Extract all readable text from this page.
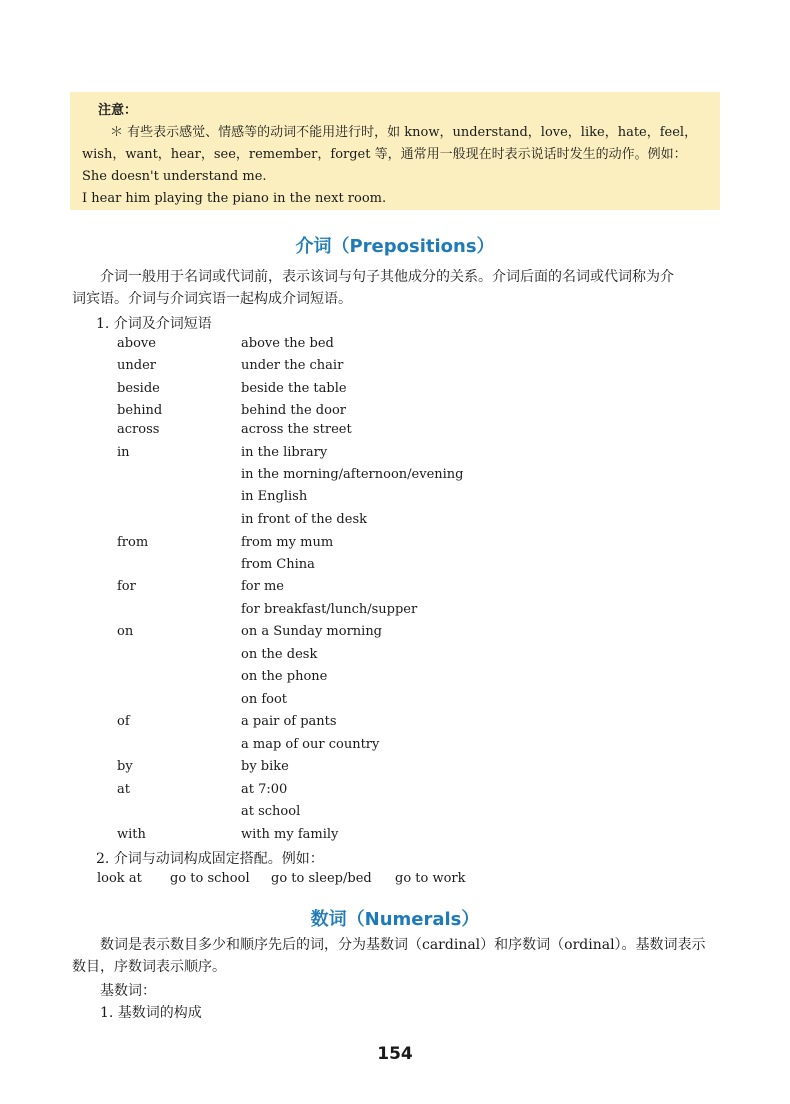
注意：
＊ 有些表示感觉、情感等的动词不能用进行时，如 know，understand，love，like，hate，feel，
wish，want，hear，see，remember，forget 等，通常用一般现在时表示说话时发生的动作。例如：
She doesn't understand me.
I hear him playing the piano in the next room.
介词（Prepositions）
介词一般用于名词或代词前，表示该词与句子其他成分的关系。介词后面的名词或代词称为介
词宾语。介词与介词宾语一起构成介词短语。
1. 介词及介词短语
above	above the bed
under	under the chair
beside	beside the table
behind	behind the door
across	across the street
in	in the library
in the morning/afternoon/evening
in English
in front of the desk
from	from my mum
from China
for	for me
for breakfast/lunch/supper
on	on a Sunday morning
on the desk
on the phone
on foot
of	a pair of pants
a map of our country
by	by bike
at	at 7:00
at school
with	with my family
2. 介词与动词构成固定搭配。例如：
look at go to school go to sleep/bed go to work
数词（Numerals）
数词是表示数目多少和顺序先后的词，分为基数词（cardinal）和序数词（ordinal）。基数词表示
数目，序数词表示顺序。
基数词：
1. 基数词的构成
154
